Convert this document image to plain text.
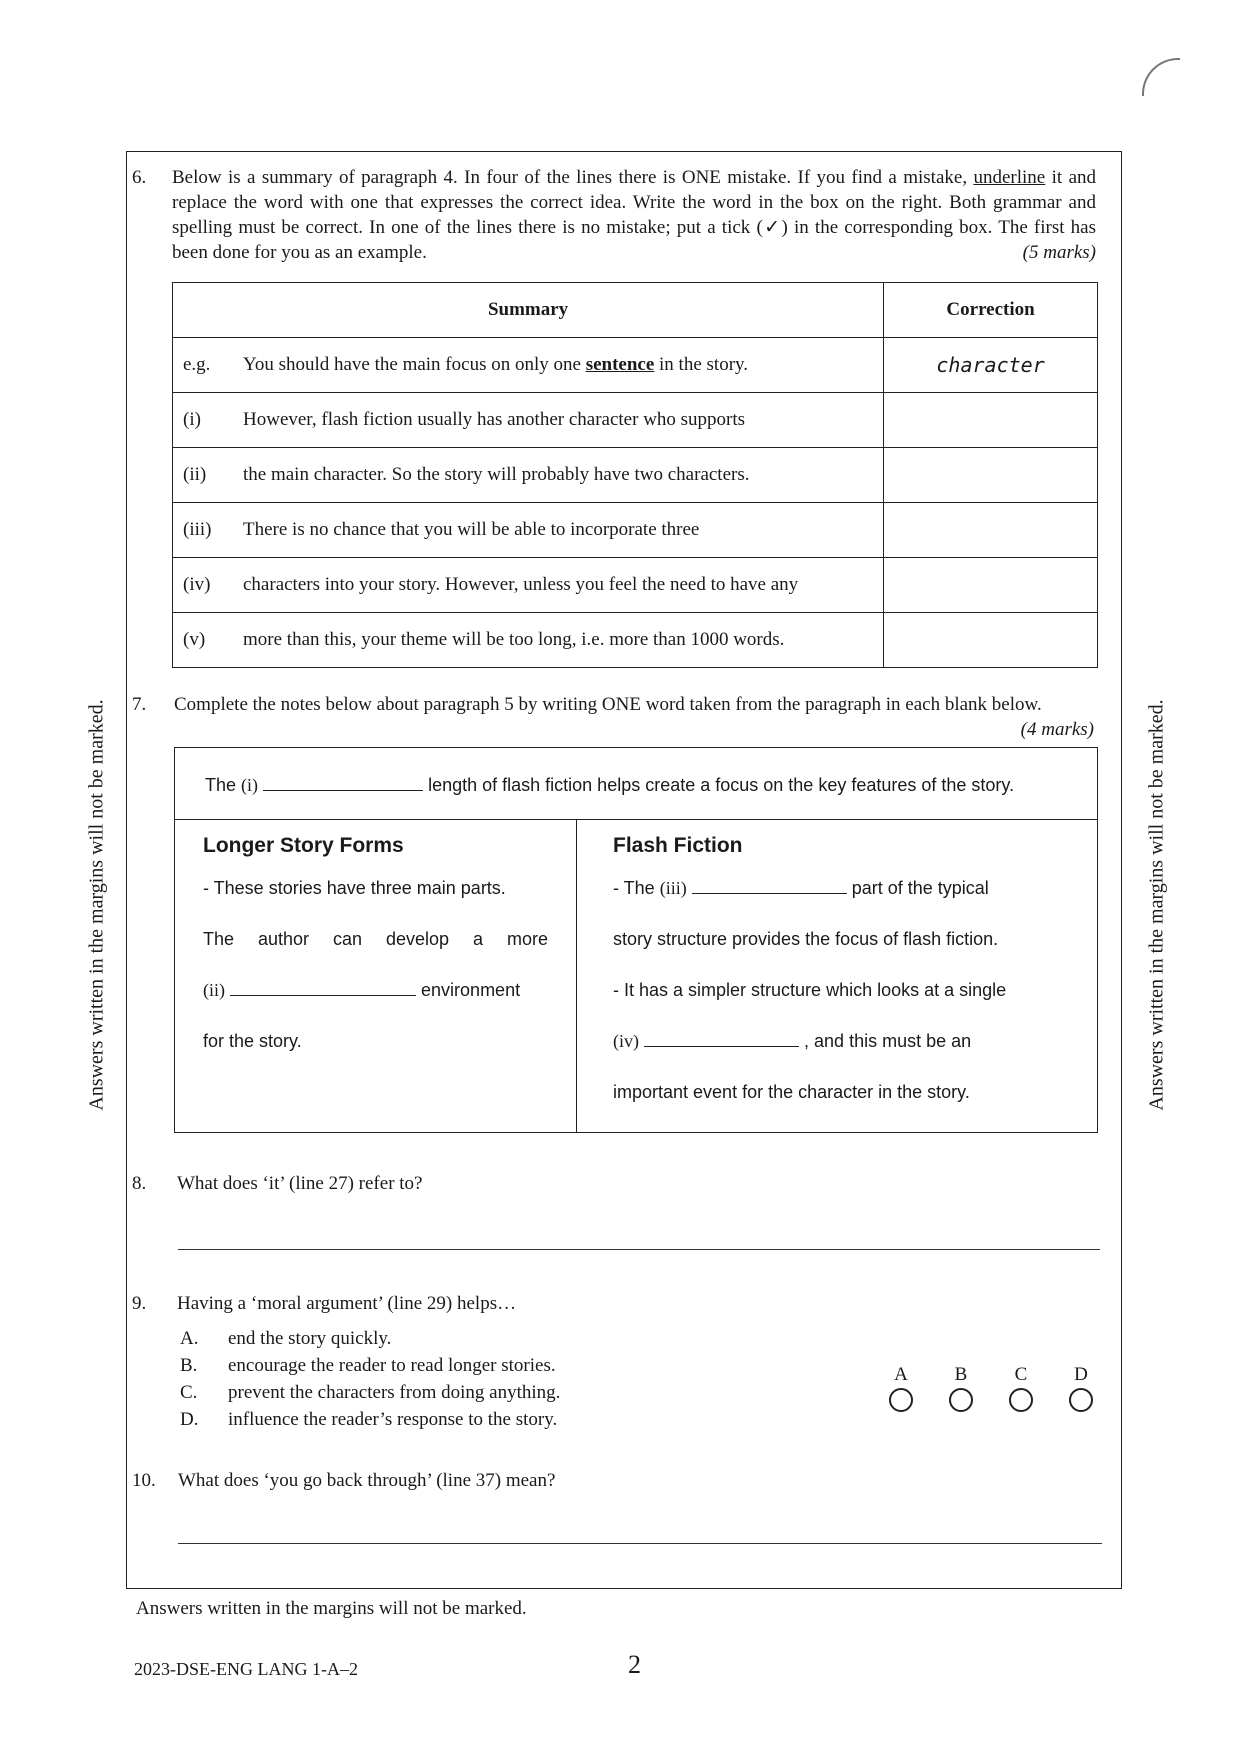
Answers written in the margins will not be marked.	Answers written in the margins will not be marked.
6. Below is a summary of paragraph 4. In four of the lines there is ONE mistake. If you find a mistake, underline it and replace the word with one that expresses the correct idea. Write the word in the box on the right. Both grammar and spelling must be correct. In one of the lines there is no mistake; put a tick (✓) in the corresponding box. The first has been done for you as an example.	(5 marks)
Summary	Correction
e.g. You should have the main focus on only one sentence in the story.	character
(i) However, flash fiction usually has another character who supports	
(ii) the main character. So the story will probably have two characters.	
(iii) There is no chance that you will be able to incorporate three	
(iv) characters into your story. However, unless you feel the need to have any	
(v) more than this, your theme will be too long, i.e. more than 1000 words.	
7. Complete the notes below about paragraph 5 by writing ONE word taken from the paragraph in each blank below.
(4 marks)
The (i)	length of flash fiction helps create a focus on the key features of the story.
Longer Story Forms
- These stories have three main parts.
The author can develop a more
(ii)	environment
for the story.
Flash Fiction
- The (iii)	part of the typical
story structure provides the focus of flash fiction.
- It has a simpler structure which looks at a single
(iv)	, and this must be an
important event for the character in the story.
8. What does ‘it’ (line 27) refer to?
9. Having a ‘moral argument’ (line 29) helps…
A.	end the story quickly.
B.	encourage the reader to read longer stories.
C.	prevent the characters from doing anything.
D.	influence the reader’s response to the story.
A B C D
10. What does ‘you go back through’ (line 37) mean?
Answers written in the margins will not be marked.
2023-DSE-ENG LANG 1-A–2	2
